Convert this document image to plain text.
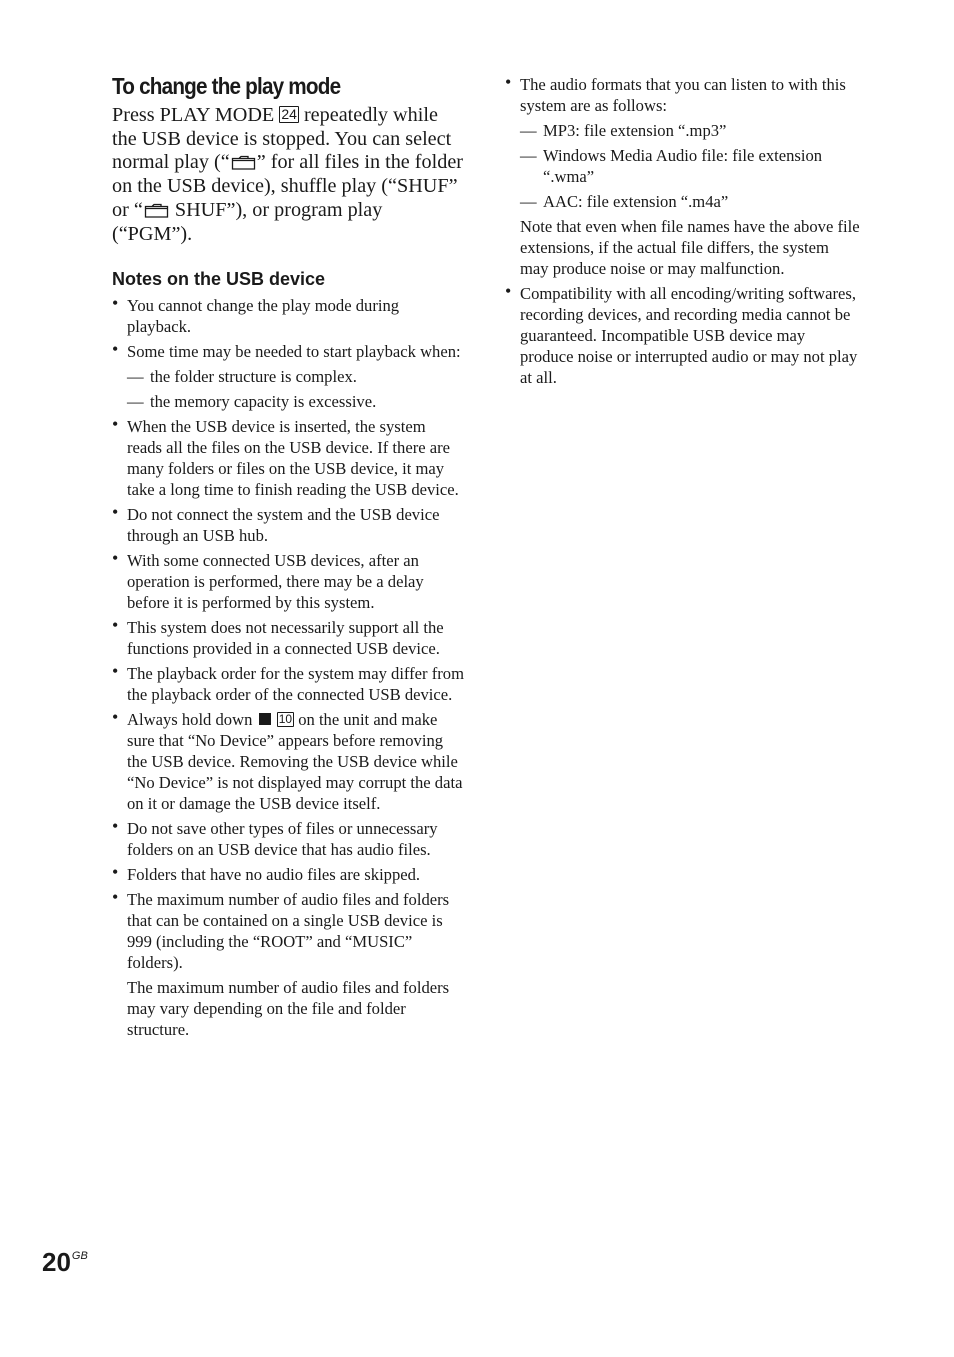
To change the play mode

Press PLAY MODE 24 repeatedly while the USB device is stopped. You can select normal play (“ ” for all files in the folder on the USB device), shuffle play (“SHUF” or “ SHUF”), or program play (“PGM”).

Notes on the USB device
• You cannot change the play mode during playback.
• Some time may be needed to start playback when:
— the folder structure is complex.
— the memory capacity is excessive.
• When the USB device is inserted, the system reads all the files on the USB device. If there are many folders or files on the USB device, it may take a long time to finish reading the USB device.
• Do not connect the system and the USB device through an USB hub.
• With some connected USB devices, after an operation is performed, there may be a delay before it is performed by this system.
• This system does not necessarily support all the functions provided in a connected USB device.
• The playback order for the system may differ from the playback order of the connected USB device.
• Always hold down  10 on the unit and make sure that “No Device” appears before removing the USB device. Removing the USB device while “No Device” is not displayed may corrupt the data on it or damage the USB device itself.
• Do not save other types of files or unnecessary folders on an USB device that has audio files.
• Folders that have no audio files are skipped.
• The maximum number of audio files and folders that can be contained on a single USB device is 999 (including the “ROOT” and “MUSIC” folders).
The maximum number of audio files and folders may vary depending on the file and folder structure.
• The audio formats that you can listen to with this system are as follows:
— MP3: file extension “.mp3”
— Windows Media Audio file: file extension “.wma”
— AAC: file extension “.m4a”
Note that even when file names have the above file extensions, if the actual file differs, the system may produce noise or may malfunction.
• Compatibility with all encoding/writing softwares, recording devices, and recording media cannot be guaranteed. Incompatible USB device may produce noise or interrupted audio or may not play at all.
$20^{GB}$
